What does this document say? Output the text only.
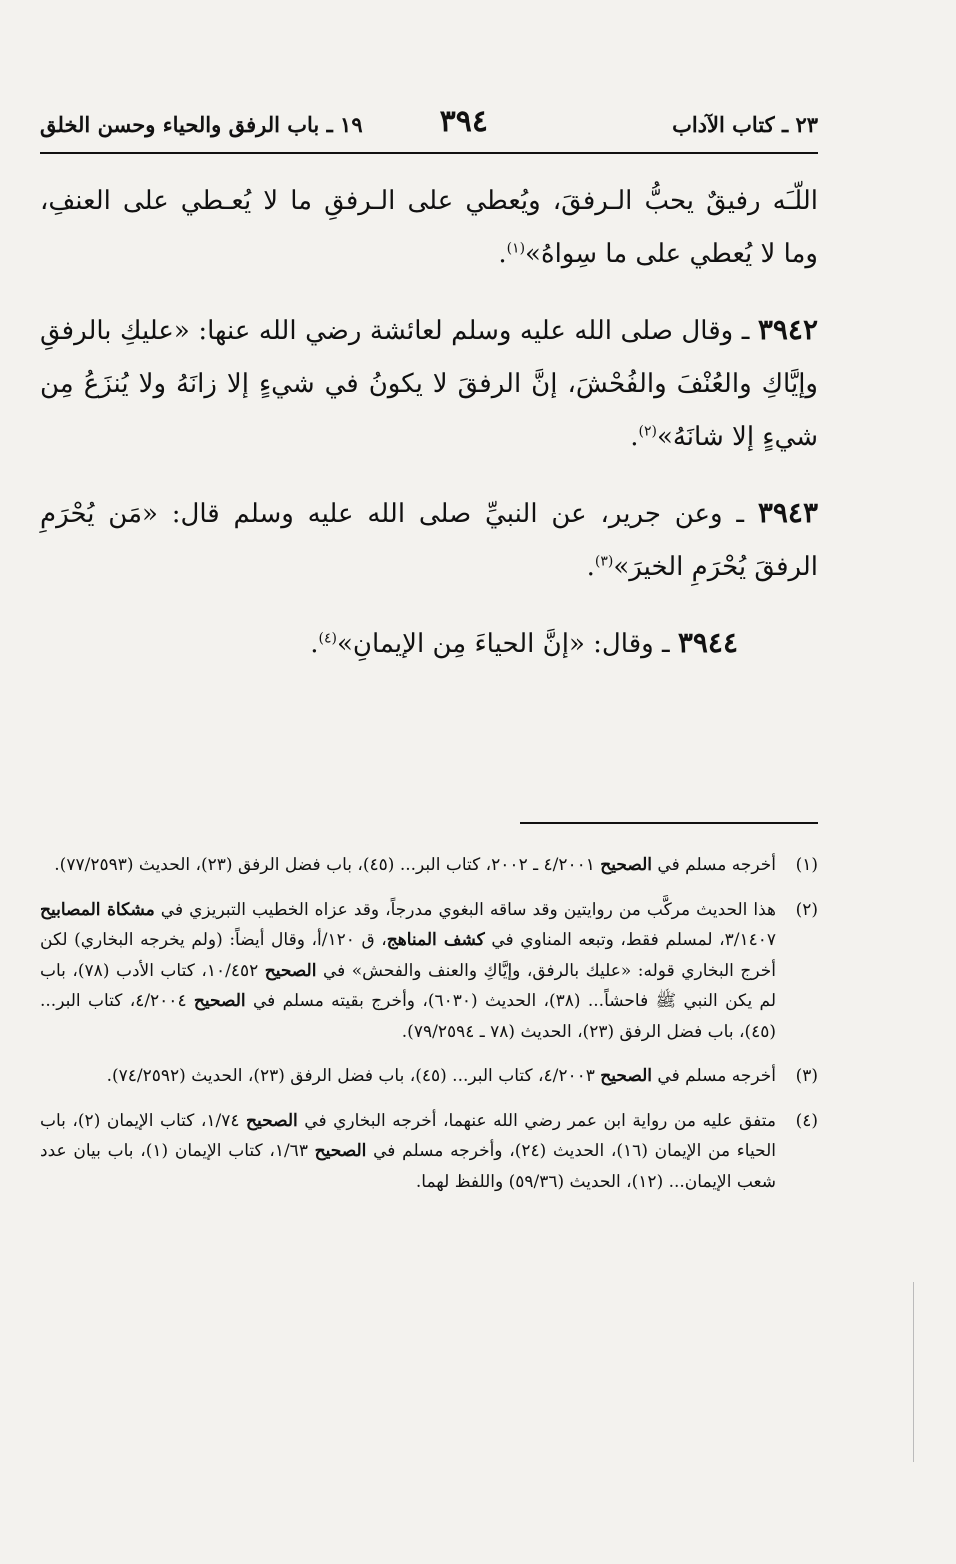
٢٣ ـ كتاب الآداب
٣٩٤
١٩ ـ باب الرفق والحياء وحسن الخلق

اللّـَه رفيقٌ يحبُّ الـرفقَ، ويُعطي على الـرفقِ ما لا يُعـطي على العنفِ، وما لا يُعطي على ما سِواهُ»$^{(١)}$.

٣٩٤٢ ـ وقال صلى الله عليه وسلم لعائشة رضي الله عنها: «عليكِ بالرفقِ وإيَّاكِ والعُنْفَ والفُحْشَ، إنَّ الرفقَ لا يكونُ في شيءٍ إلا زانَهُ ولا يُنزَعُ مِن شيءٍ إلا شانَهُ»$^{(٢)}$.

٣٩٤٣ ـ وعن جرير، عن النبيِّ صلى الله عليه وسلم قال: «مَن يُحْرَمِ الرفقَ يُحْرَمِ الخيرَ»$^{(٣)}$.

٣٩٤٤ ـ وقال: «إنَّ الحياءَ مِن الإيمانِ»$^{(٤)}$.

(١)
أخرجه مسلم في الصحيح ٤/٢٠٠١ ـ ٢٠٠٢، كتاب البر... (٤٥)، باب فضل الرفق (٢٣)، الحديث (٧٧/٢٥٩٣).
(٢)
هذا الحديث مركَّب من روايتين وقد ساقه البغوي مدرجاً، وقد عزاه الخطيب التبريزي في مشكاة المصابيح ٣/١٤٠٧، لمسلم فقط، وتبعه المناوي في كشف المناهج، ق ١٢٠/أ، وقال أيضاً: (ولم يخرجه البخاري) لكن أخرج البخاري قوله: «عليك بالرفق، وإيَّاكِ والعنف والفحش» في الصحيح ١٠/٤٥٢، كتاب الأدب (٧٨)، باب لم يكن النبي ﷺ فاحشاً... (٣٨)، الحديث (٦٠٣٠)، وأخرج بقيته مسلم في الصحيح ٤/٢٠٠٤، كتاب البر... (٤٥)، باب فضل الرفق (٢٣)، الحديث (٧٨ ـ ٧٩/٢٥٩٤).
(٣)
أخرجه مسلم في الصحيح ٤/٢٠٠٣، كتاب البر... (٤٥)، باب فضل الرفق (٢٣)، الحديث (٧٤/٢٥٩٢).
(٤)
متفق عليه من رواية ابن عمر رضي الله عنهما، أخرجه البخاري في الصحيح ١/٧٤، كتاب الإيمان (٢)، باب الحياء من الإيمان (١٦)، الحديث (٢٤)، وأخرجه مسلم في الصحيح ١/٦٣، كتاب الإيمان (١)، باب بيان عدد شعب الإيمان... (١٢)، الحديث (٥٩/٣٦) واللفظ لهما.
